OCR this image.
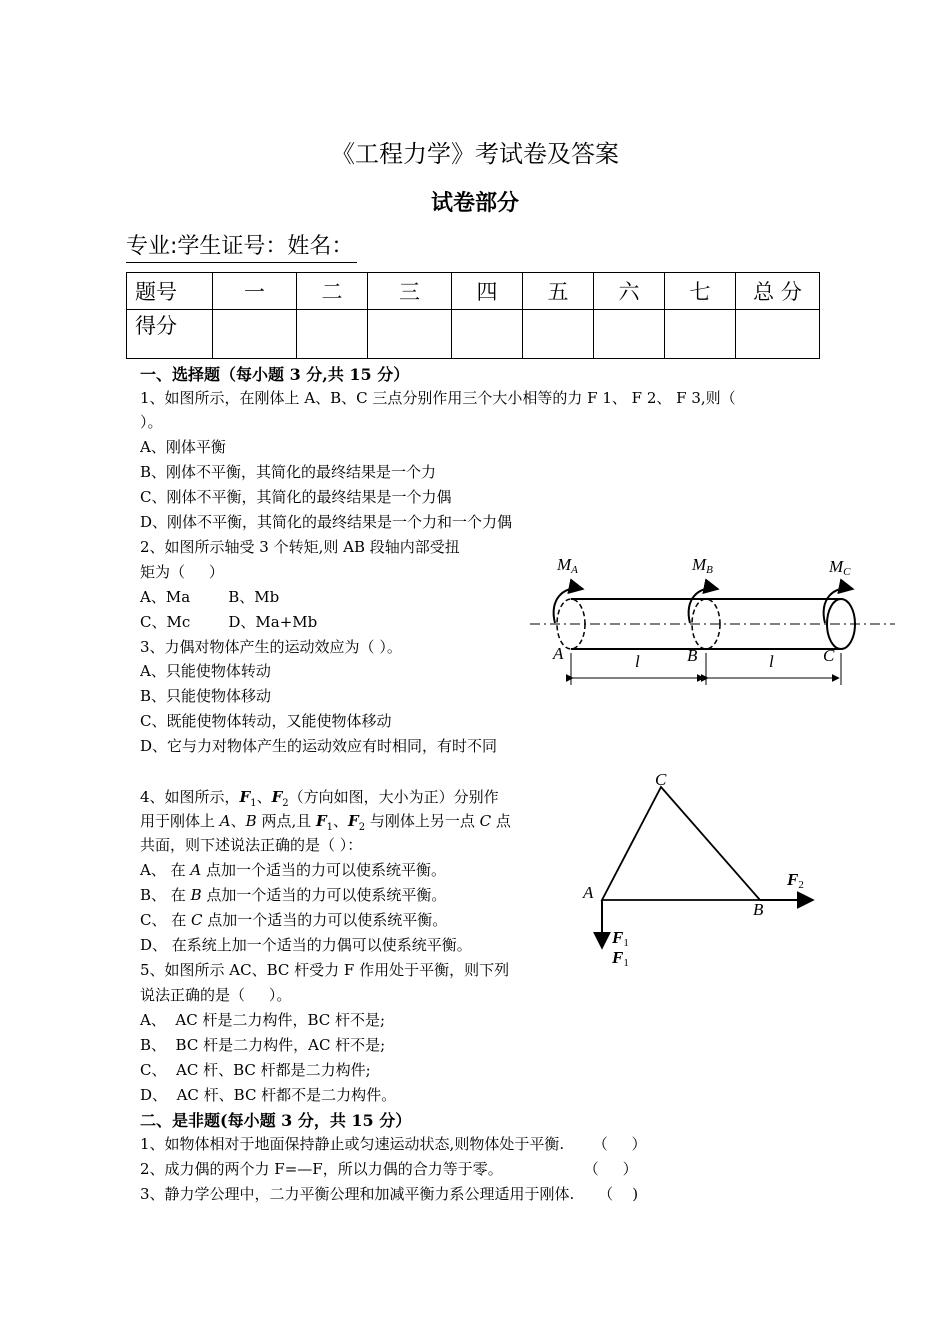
《工程力学》考试卷及答案
试卷部分
专业:学生证号：姓名：
题号	一	二	三	四	五	六	七	总 分
得分								
一、选择题（每小题 3 分,共 15 分）
1、如图所示，在刚体上 A、B、C 三点分别作用三个大小相等的力 F 1、 F 2、 F 3,则（
）。
A、刚体平衡
B、刚体不平衡，其简化的最终结果是一个力
C、刚体不平衡，其简化的最终结果是一个力偶
D、刚体不平衡，其简化的最终结果是一个力和一个力偶
2、如图所示轴受 3 个转矩,则 AB 段轴内部受扭
矩为（     ）
A、Ma        B、Mb
C、Mc        D、Ma+Mb
3、力偶对物体产生的运动效应为（ ）。
A、只能使物体转动
B、只能使物体移动
C、既能使物体转动，又能使物体移动
D、它与力对物体产生的运动效应有时相同，有时不同
4、如图所示，$F_1$、$F_2$（方向如图，大小为正）分别作
用于刚体上 A、B 两点,且 $F_1$、$F_2$ 与刚体上另一点 C 点
共面，则下述说法正确的是（ ）：
A、 在 A 点加一个适当的力可以使系统平衡。
B、 在 B 点加一个适当的力可以使系统平衡。
C、 在 C 点加一个适当的力可以使系统平衡。
D、 在系统上加一个适当的力偶可以使系统平衡。
5、如图所示 AC、BC 杆受力 F 作用处于平衡，则下列
说法正确的是（     ）。
A、  AC 杆是二力构件，BC 杆不是;
B、  BC 杆是二力构件，AC 杆不是;
C、  AC 杆、BC 杆都是二力构件;
D、  AC 杆、BC 杆都不是二力构件。
二、是非题(每小题 3 分，共 15 分）
1、如物体相对于地面保持静止或匀速运动状态,则物体处于平衡.      （     ）
2、成力偶的两个力 F=—F，所以力偶的合力等于零。                 （     ）
3、静力学公理中，二力平衡公理和加减平衡力系公理适用于刚体.     （    )
MA	MB	MC
A	B	C
l	l
C
A
B
F2
F1
F1
